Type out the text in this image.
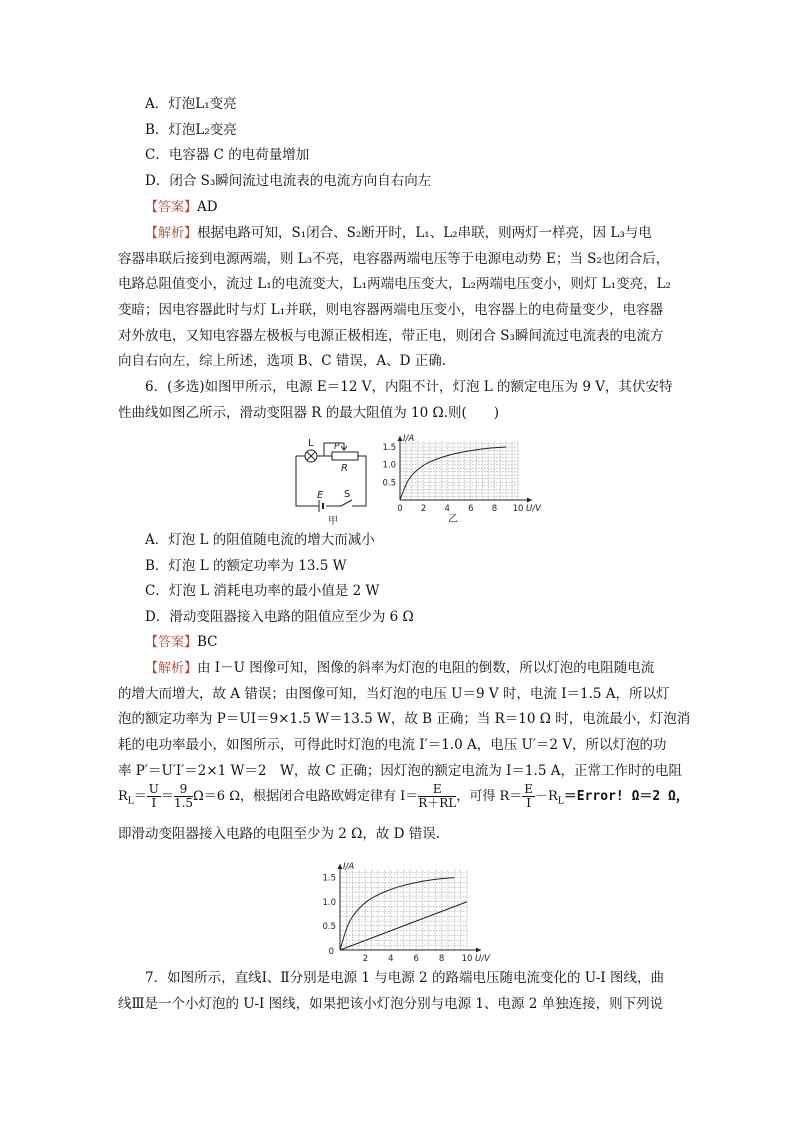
A．灯泡L₁变亮
B．灯泡L₂变亮
C．电容器 C 的电荷量增加
D．闭合 S₃瞬间流过电流表的电流方向自右向左
【答案】AD
【解析】根据电路可知，S₁闭合、S₂断开时，L₁、L₂串联，则两灯一样亮，因 L₃与电
容器串联后接到电源两端，则 L₃不亮，电容器两端电压等于电源电动势 E；当 S₂也闭合后，
电路总阻值变小，流过 L₁的电流变大，L₁两端电压变大，L₂两端电压变小，则灯 L₁变亮，L₂
变暗；因电容器此时与灯 L₁并联，则电容器两端电压变小，电容器上的电荷量变少，电容器
对外放电，又知电容器左极板与电源正极相连，带正电，则闭合 S₃瞬间流过电流表的电流方
向自右向左，综上所述，选项 B、C 错误，A、D 正确.
6．(多选)如图甲所示，电源 E＝12 V，内阻不计，灯泡 L 的额定电压为 9 V，其伏安特
性曲线如图乙所示，滑动变阻器 R 的最大阻值为 10 Ω.则(　　)
L P
R
E S
甲
0 2 4 6 8 10
0.5
1.0
1.5
U/V
I/A
乙
A．灯泡 L 的阻值随电流的增大而减小
B．灯泡 L 的额定功率为 13.5 W
C．灯泡 L 消耗电功率的最小值是 2 W
D．滑动变阻器接入电路的阻值应至少为 6 Ω
【答案】BC
【解析】由 I－U 图像可知，图像的斜率为灯泡的电阻的倒数，所以灯泡的电阻随电流
的增大而增大，故 A 错误；由图像可知，当灯泡的电压 U＝9 V 时，电流 I＝1.5 A，所以灯
泡的额定功率为 P＝UI＝9×1.5 W＝13.5 W，故 B 正确；当 R＝10 Ω 时，电流最小，灯泡消
耗的电功率最小，如图所示，可得此时灯泡的电流 I′＝1.0 A，电压 U′＝2 V，所以灯泡的功
率 P′＝U′I′＝2×1 W＝2　W，故 C 正确；因灯泡的额定电流为 I＝1.5 A，正常工作时的电阻
$R_L= \frac{U}{I} = \frac{9}{1.5} \Omega=6$ Ω，根据闭合电路欧姆定律有 $I= \frac{E}{R+RL}$ ，可得 $R= \frac{E}{I}$ $-R_L=Error$! Ω＝2 Ω，
即滑动变阻器接入电路的电阻至少为 2 Ω，故 D 错误.
2 4 6 8 10
0.5
1.0
1.5
0
U/V
I/A
7．如图所示，直线Ⅰ、Ⅱ分别是电源 1 与电源 2 的路端电压随电流变化的 U-I 图线，曲
线Ⅲ是一个小灯泡的 U-I 图线，如果把该小灯泡分别与电源 1、电源 2 单独连接，则下列说
